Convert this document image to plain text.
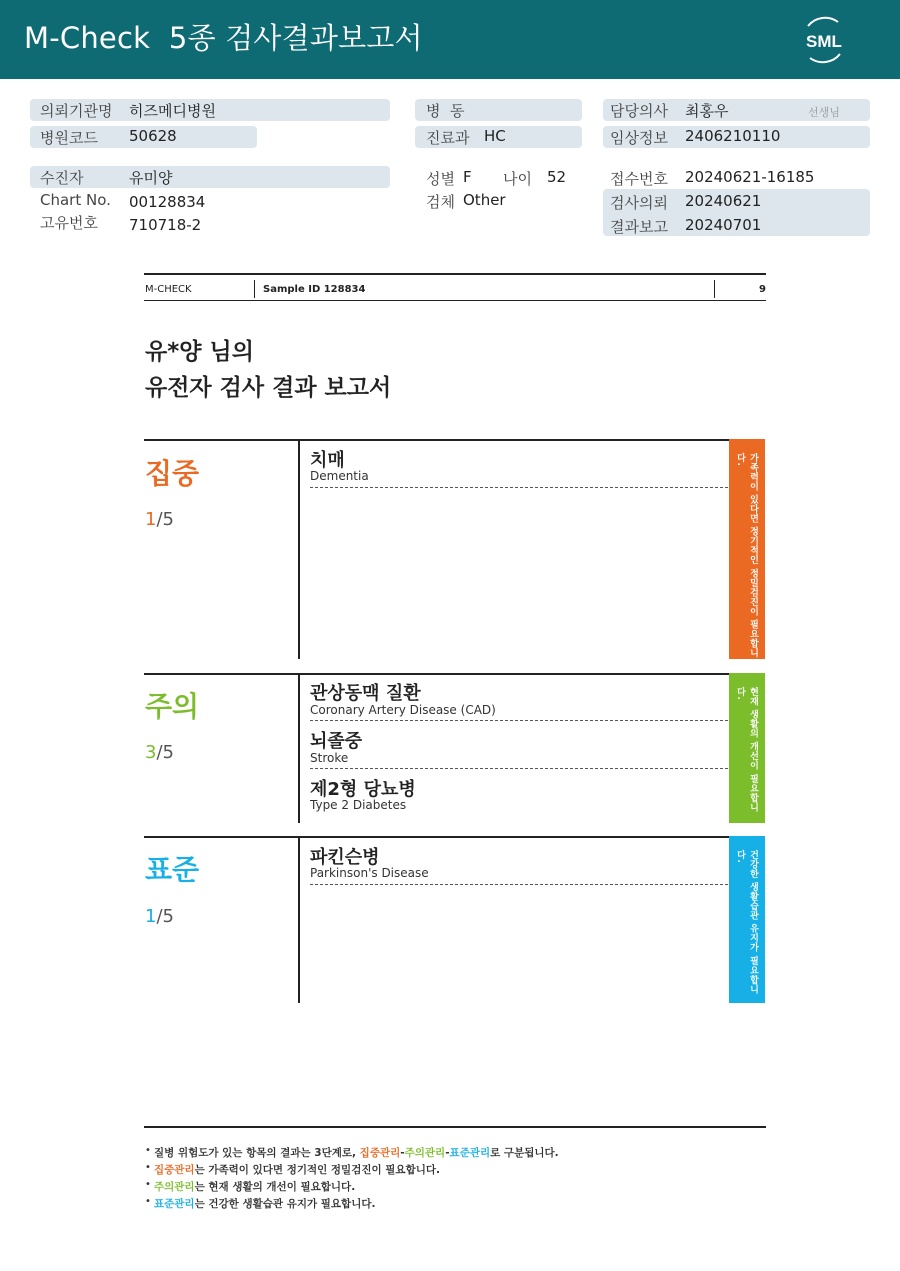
M-Check  5종 검사결과보고서	SML
의뢰기관명 히즈메디병원	병  동	담당의사 최홍우	선생님
병원코드 50628	진료과 HC	임상정보 2406210110
수진자	유미양	성별 F 나이 52	접수번호 20240621-16185
Chart No. 00128834	검체 Other	검사의뢰 20240621
고유번호 710718-2	결과보고 20240701
M-CHECK	Sample ID 128834	9
유*양 님의
유전자 검사 결과 보고서
집중
1/5
치매
Dementia	가족력이 있다면 정기적인 정밀검진이 필요합니다.
주의
3/5
관상동맥 질환
Coronary Artery Disease (CAD)
뇌졸중
Stroke
제2형 당뇨병
Type 2 Diabetes	현재 생활의 개선이 필요합니다.
표준
1/5
파킨슨병
Parkinson's Disease	건강한 생활습관 유지가 필요합니다.
• 질병 위험도가 있는 항목의 결과는 3단계로, 집중관리-주의관리-표준관리로 구분됩니다.
• 집중관리는 가족력이 있다면 정기적인 정밀검진이 필요합니다.
• 주의관리는 현재 생활의 개선이 필요합니다.
• 표준관리는 건강한 생활습관 유지가 필요합니다.
